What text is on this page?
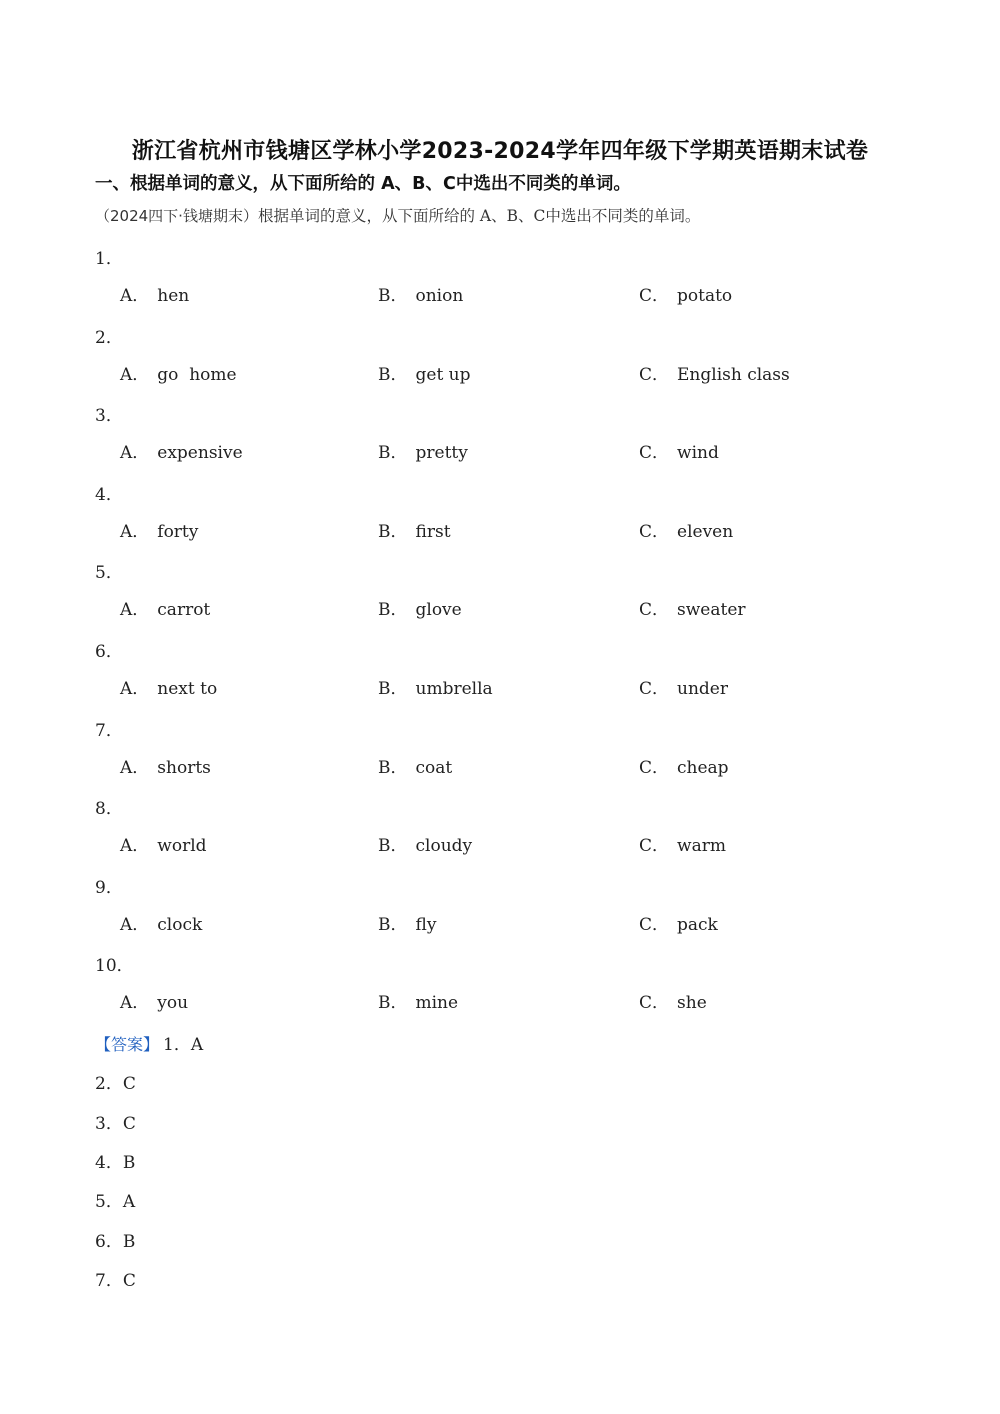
浙江省杭州市钱塘区学林小学2023-2024学年四年级下学期英语期末试卷
一、根据单词的意义，从下面所给的 A、B、C中选出不同类的单词。
（2024四下·钱塘期末）根据单词的意义，从下面所给的 A、B、C中选出不同类的单词。
1．
A． hen	B． onion	C． potato
2．
A． go  home	B． get up	C． English class
3．
A． expensive	B． pretty	C． wind
4．
A． forty	B． first	C． eleven
5．
A． carrot	B． glove	C． sweater
6．
A． next to	B． umbrella	C． under
7．
A． shorts	B． coat	C． cheap
8．
A． world	B． cloudy	C． warm
9．
A． clock	B． fly	C． pack
10．
A． you	B． mine	C． she
【答案】 1．A
2．C
3．C
4．B
5．A
6．B
7．C
